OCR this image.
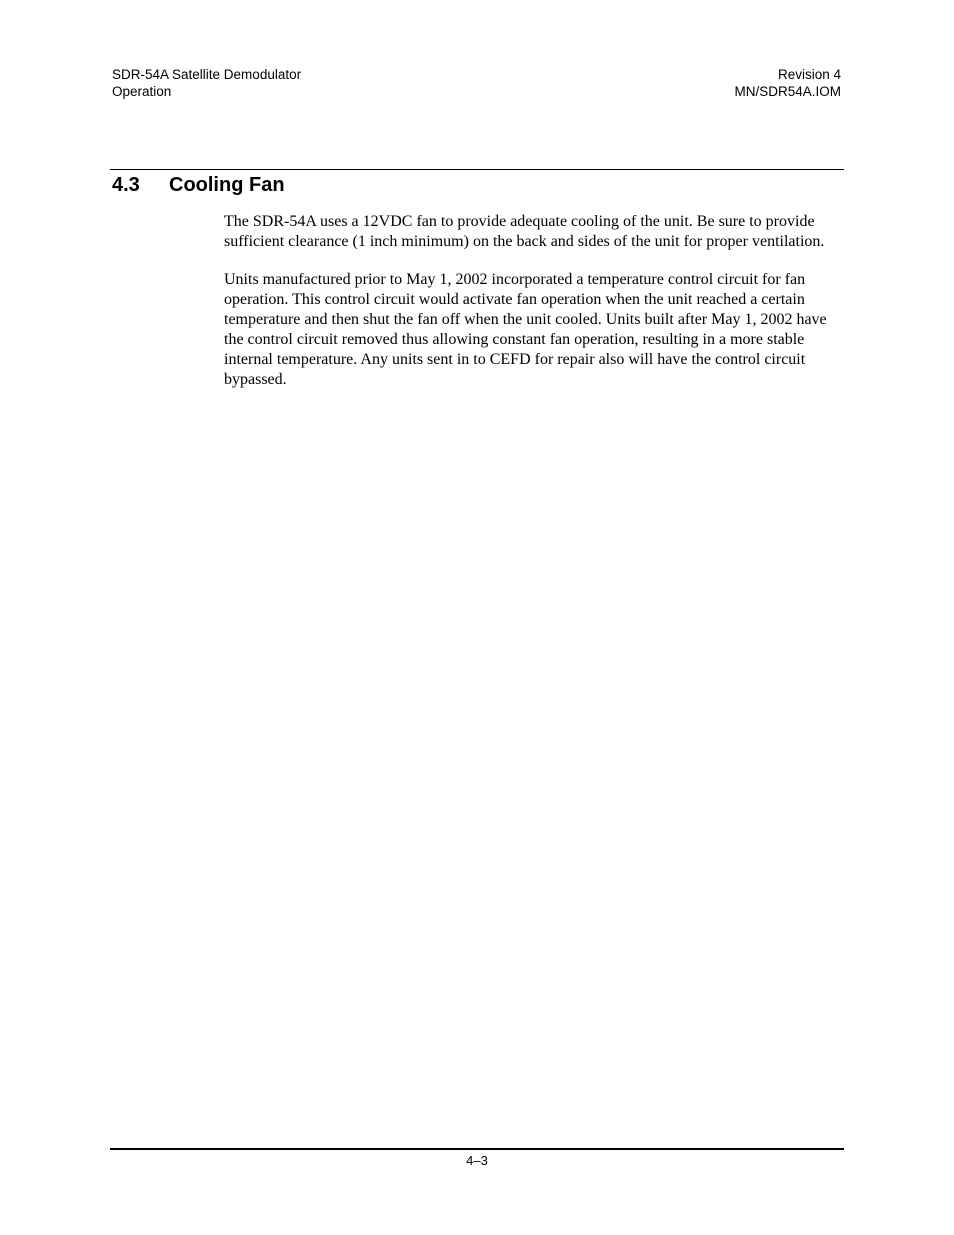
SDR-54A Satellite Demodulator
Operation
Revision 4
MN/SDR54A.IOM
4.3 Cooling Fan

The SDR-54A uses a 12VDC fan to provide adequate cooling of the unit. Be sure to provide sufficient clearance (1 inch minimum) on the back and sides of the unit for proper ventilation.

Units manufactured prior to May 1, 2002 incorporated a temperature control circuit for fan operation. This control circuit would activate fan operation when the unit reached a certain temperature and then shut the fan off when the unit cooled. Units built after May 1, 2002 have the control circuit removed thus allowing constant fan operation, resulting in a more stable internal temperature. Any units sent in to CEFD for repair also will have the control circuit bypassed.

4–3
